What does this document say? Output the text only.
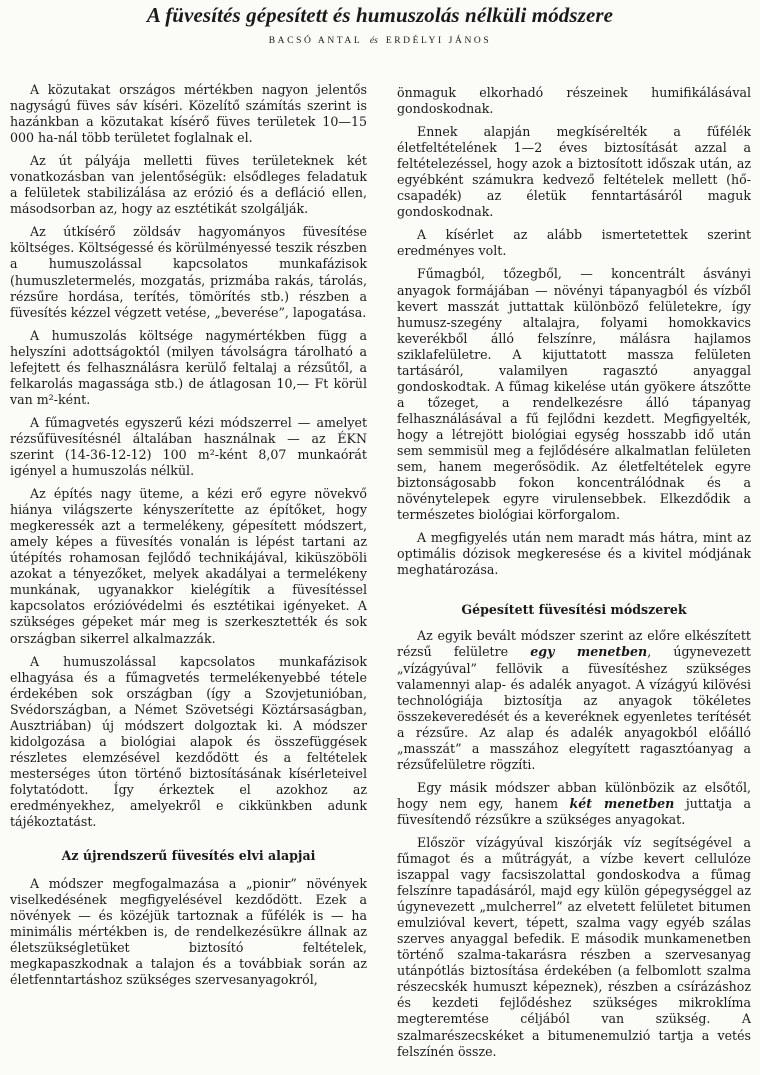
A füvesítés gépesített és humuszolás nélküli módszere
BACSÓ ANTAL és ERDÉLYI JÁNOS

A közutakat országos mértékben nagyon jelentős nagyságú füves sáv kíséri. Közelítő számítás szerint is hazánkban a közutakat kísérő füves területek 10—15 000 ha-nál több területet foglalnak el.

Az út pályája melletti füves területeknek két vonatkozásban van jelentőségük: elsődleges feladatuk a felületek stabilizálása az erózió és a defláció ellen, másodsorban az, hogy az esztétikát szolgálják.

Az útkísérő zöldsáv hagyományos füvesítése költséges. Költségessé és körülményessé teszik részben a humuszolással kapcsolatos munkafázisok (humuszletermelés, mozgatás, prizmába rakás, tárolás, rézsűre hordása, terítés, tömörítés stb.) részben a füvesítés kézzel végzett vetése, „beverése”, lapogatása.

A humuszolás költsége nagymértékben függ a helyszíni adottságoktól (milyen távolságra tárolható a lefejtett és felhasználásra kerülő feltalaj a rézsűtől, a felkarolás magassága stb.) de átlagosan 10,— Ft körül van m²-ként.

A fűmagvetés egyszerű kézi módszerrel — amelyet rézsűfüvesítésnél általában használnak — az ÉKN szerint (14-36-12-12) 100 m²-ként 8,07 munkaórát igényel a humuszolás nélkül.

Az építés nagy üteme, a kézi erő egyre növekvő hiánya világszerte kényszerítette az építőket, hogy megkeressék azt a termelékeny, gépesített módszert, amely képes a füvesítés vonalán is lépést tartani az útépítés rohamosan fejlődő technikájával, kiküszöböli azokat a tényezőket, melyek akadályai a termelékeny munkának, ugyanakkor kielégítik a füvesítéssel kapcsolatos erózióvédelmi és esztétikai igényeket. A szükséges gépeket már meg is szerkesztették és sok országban sikerrel alkalmazzák.

A humuszolással kapcsolatos munkafázisok elhagyása és a fűmagvetés termelékenyebbé tétele érdekében sok országban (így a Szovjetunióban, Svédországban, a Német Szövetségi Köztársaságban, Ausztriában) új módszert dolgoztak ki. A módszer kidolgozása a biológiai alapok és összefüggések részletes elemzésével kezdődött és a feltételek mesterséges úton történő biztosításának kísérleteivel folytatódott. Így érkeztek el azokhoz az eredményekhez, amelyekről e cikkünkben adunk tájékoztatást.

Az újrendszerű füvesítés elvi alapjai

A módszer megfogalmazása a „pionir” növények viselkedésének megfigyelésével kezdődött. Ezek a növények — és közéjük tartoznak a fűfélék is — ha minimális mértékben is, de rendelkezésükre állnak az életszükségletüket biztosító feltételek, megkapaszkodnak a talajon és a továbbiak során az életfenntartáshoz szükséges szervesanyagokról,

önmaguk elkorhadó részeinek humifikálásával gondoskodnak.

Ennek alapján megkísérelték a fűfélék életfeltételének 1—2 éves biztosítását azzal a feltételezéssel, hogy azok a biztosított időszak után, az egyébként számukra kedvező feltételek mellett (hő-csapadék) az életük fenntartásáról maguk gondoskodnak.

A kísérlet az alább ismertetettek szerint eredményes volt.

Fűmagból, tőzegből, — koncentrált ásványi anyagok formájában — növényi tápanyagból és vízből kevert masszát juttattak különböző felületekre, így humusz-szegény altalajra, folyami homokkavics keverékből álló felszínre, málásra hajlamos sziklafelületre. A kijuttatott massza felületen tartásáról, valamilyen ragasztó anyaggal gondoskodtak. A fűmag kikelése után gyökere átszőtte a tőzeget, a rendelkezésre álló tápanyag felhasználásával a fű fejlődni kezdett. Megfigyelték, hogy a létrejött biológiai egység hosszabb idő után sem semmisül meg a fejlődésére alkalmatlan felületen sem, hanem megerősödik. Az életfeltételek egyre biztonságosabb fokon koncentrálódnak és a növénytelepek egyre virulensebbek. Elkezdődik a természetes biológiai körforgalom.

A megfigyelés után nem maradt más hátra, mint az optimális dózisok megkeresése és a kivitel módjának meghatározása.

Gépesített füvesítési módszerek

Az egyik bevált módszer szerint az előre elkészített rézsű felületre egy menetben, úgynevezett „vízágyúval” fellövik a füvesítéshez szükséges valamennyi alap- és adalék anyagot. A vízágyú kilövési technológiája biztosítja az anyagok tökéletes összekeveredését és a keveréknek egyenletes terítését a rézsűre. Az alap és adalék anyagokból előálló „masszát” a masszához elegyített ragasztóanyag a rézsűfelületre rögzíti.

Egy másik módszer abban különbözik az elsőtől, hogy nem egy, hanem két menetben juttatja a füvesítendő rézsűkre a szükséges anyagokat.

Először vízágyúval kiszórják víz segítségével a fűmagot és a műtrágyát, a vízbe kevert cellulóze iszappal vagy facsiszolattal gondoskodva a fűmag felszínre tapadásáról, majd egy külön gépegységgel az úgynevezett „mulcherrel” az elvetett felületet bitumen emulzióval kevert, tépett, szalma vagy egyéb szálas szerves anyaggal befedik. E második munkamenetben történő szalma-takarásra részben a szervesanyag utánpótlás biztosítása érdekében (a felbomlott szalma részecskék humuszt képeznek), részben a csírázáshoz és kezdeti fejlődéshez szükséges mikroklíma megteremtése céljából van szükség. A szalmarészecskéket a bitumenemulzió tartja a vetés felszínén össze.
